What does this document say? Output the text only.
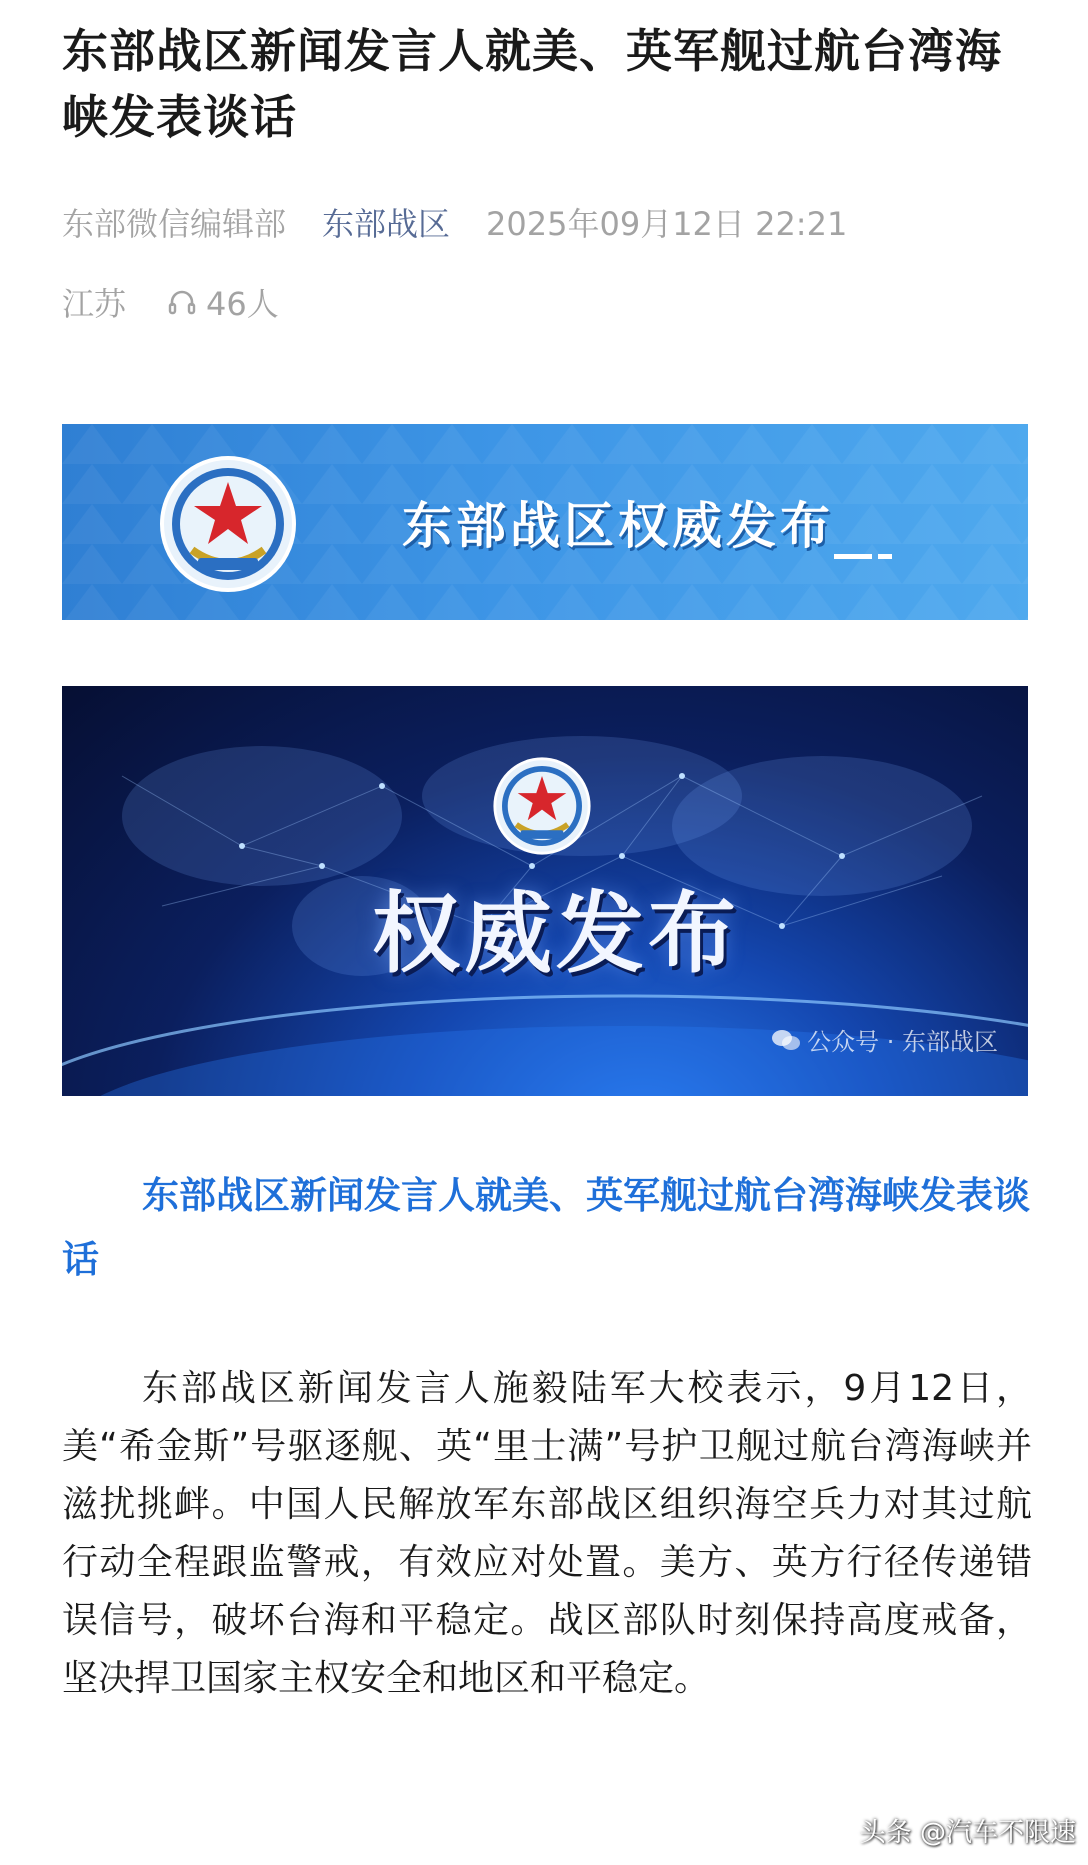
东部战区新闻发言人就美、英军舰过航台湾海峡发表谈话
东部微信编辑部 东部战区 2025年09月12日 22:21
江苏	46人
东部战区权威发布
权威发布
公众号 · 东部战区
东部战区新闻发言人就美、英军舰过航台湾海峡发表谈话
东部战区新闻发言人施毅陆军大校表示，9月12日，美“希金斯”号驱逐舰、英“里士满”号护卫舰过航台湾海峡并滋扰挑衅。中国人民解放军东部战区组织海空兵力对其过航行动全程跟监警戒，有效应对处置。美方、英方行径传递错误信号，破坏台海和平稳定。战区部队时刻保持高度戒备，坚决捍卫国家主权安全和地区和平稳定。
头条 @汽车不限速
